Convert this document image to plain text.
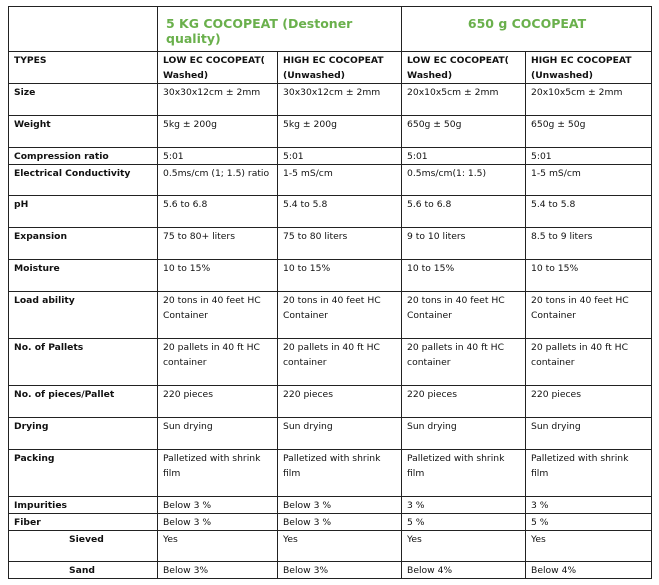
	5 KG COCOPEAT (Destoner quality)		650 g COCOPEAT	
TYPES	LOW EC COCOPEAT( Washed)	HIGH EC COCOPEAT (Unwashed)	LOW EC COCOPEAT( Washed)	HIGH EC COCOPEAT (Unwashed)
Size	30x30x12cm ± 2mm	30x30x12cm ± 2mm	20x10x5cm ± 2mm	20x10x5cm ± 2mm
Weight	5kg ± 200g	5kg ± 200g	650g ± 50g	650g ± 50g
Compression ratio	5:01	5:01	5:01	5:01
Electrical Conductivity	0.5ms/cm (1; 1.5) ratio	1-5 mS/cm	0.5ms/cm(1: 1.5)	1-5 mS/cm
pH	5.6 to 6.8	5.4 to 5.8	5.6 to 6.8	5.4 to 5.8
Expansion	75 to 80+ liters	75 to 80 liters	9 to 10 liters	8.5 to 9 liters
Moisture	10 to 15%	10 to 15%	10 to 15%	10 to 15%
Load ability	20 tons in 40 feet HC Container	20 tons in 40 feet HC Container	20 tons in 40 feet HC Container	20 tons in 40 feet HC Container
No. of Pallets	20 pallets in 40 ft HC container	20 pallets in 40 ft HC container	20 pallets in 40 ft HC container	20 pallets in 40 ft HC container
No. of pieces/Pallet	220 pieces	220 pieces	220 pieces	220 pieces
Drying	Sun drying	Sun drying	Sun drying	Sun drying
Packing	Palletized with shrink film	Palletized with shrink film	Palletized with shrink film	Palletized with shrink film
Impurities	Below 3 %	Below 3 %	3 %	3 %
Fiber	Below 3 %	Below 3 %	5 %	5 %
Sieved	Yes	Yes	Yes	Yes
Sand	Below 3%	Below 3%	Below 4%	Below 4%
